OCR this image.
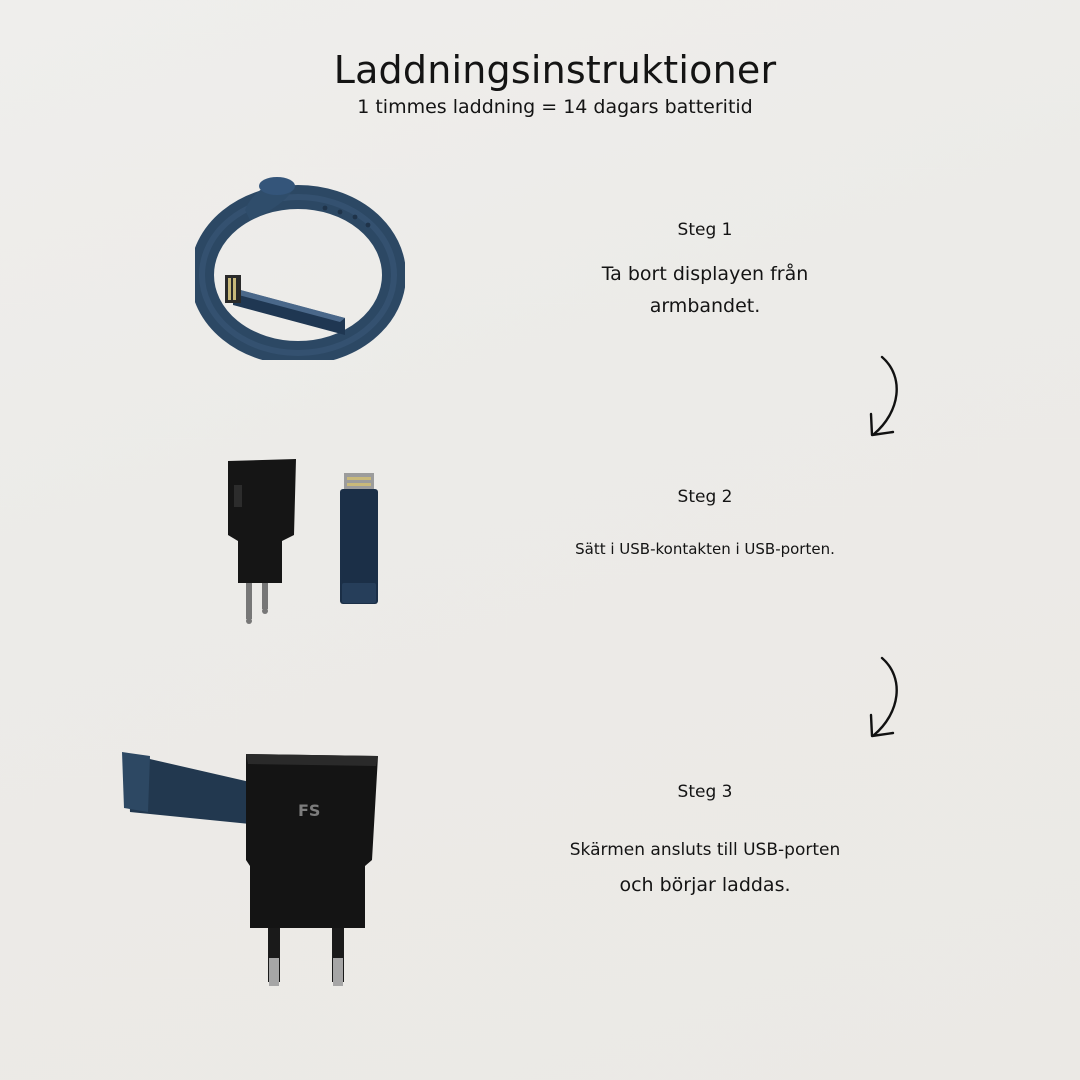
Laddningsinstruktioner
1 timmes laddning = 14 dagars batteritid
Steg 1
Ta bort displayen från
armbandet.
Steg 2
Sätt i USB-kontakten i USB-porten.
FS
Steg 3
Skärmen ansluts till USB-porten
och börjar laddas.
